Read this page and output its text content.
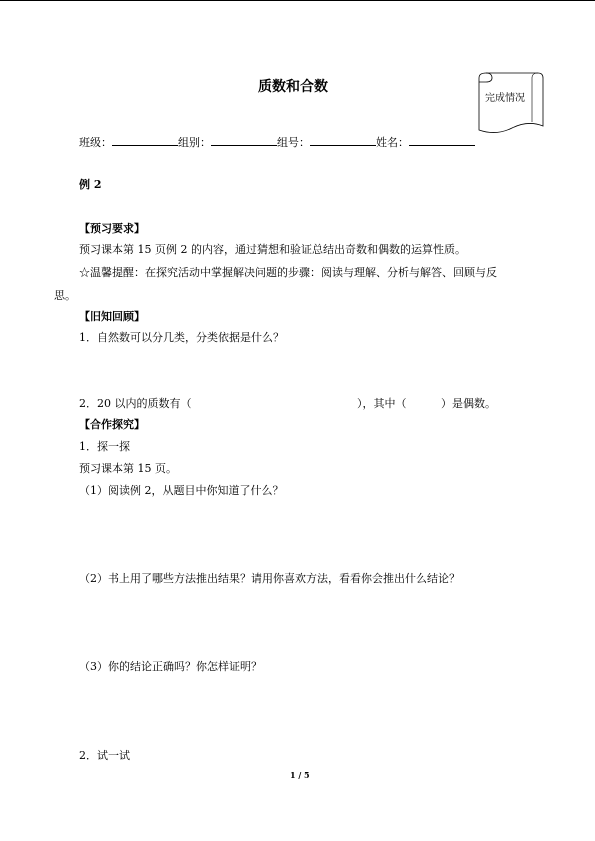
质数和合数
完成情况
班级：	组别：	组号：	姓名：
例 2
【预习要求】
预习课本第 15 页例 2 的内容，通过猜想和验证总结出奇数和偶数的运算性质。
☆温馨提醒：在探究活动中掌握解决问题的步骤：阅读与理解、分析与解答、回顾与反
思。
【旧知回顾】
1．自然数可以分几类，分类依据是什么？
2．20 以内的质数有（	），其中（	）是偶数。
【合作探究】
1．探一探
预习课本第 15 页。
（1）阅读例 2，从题目中你知道了什么？
（2）书上用了哪些方法推出结果？请用你喜欢方法，看看你会推出什么结论？
（3）你的结论正确吗？你怎样证明？
2．试一试
1 / 5
